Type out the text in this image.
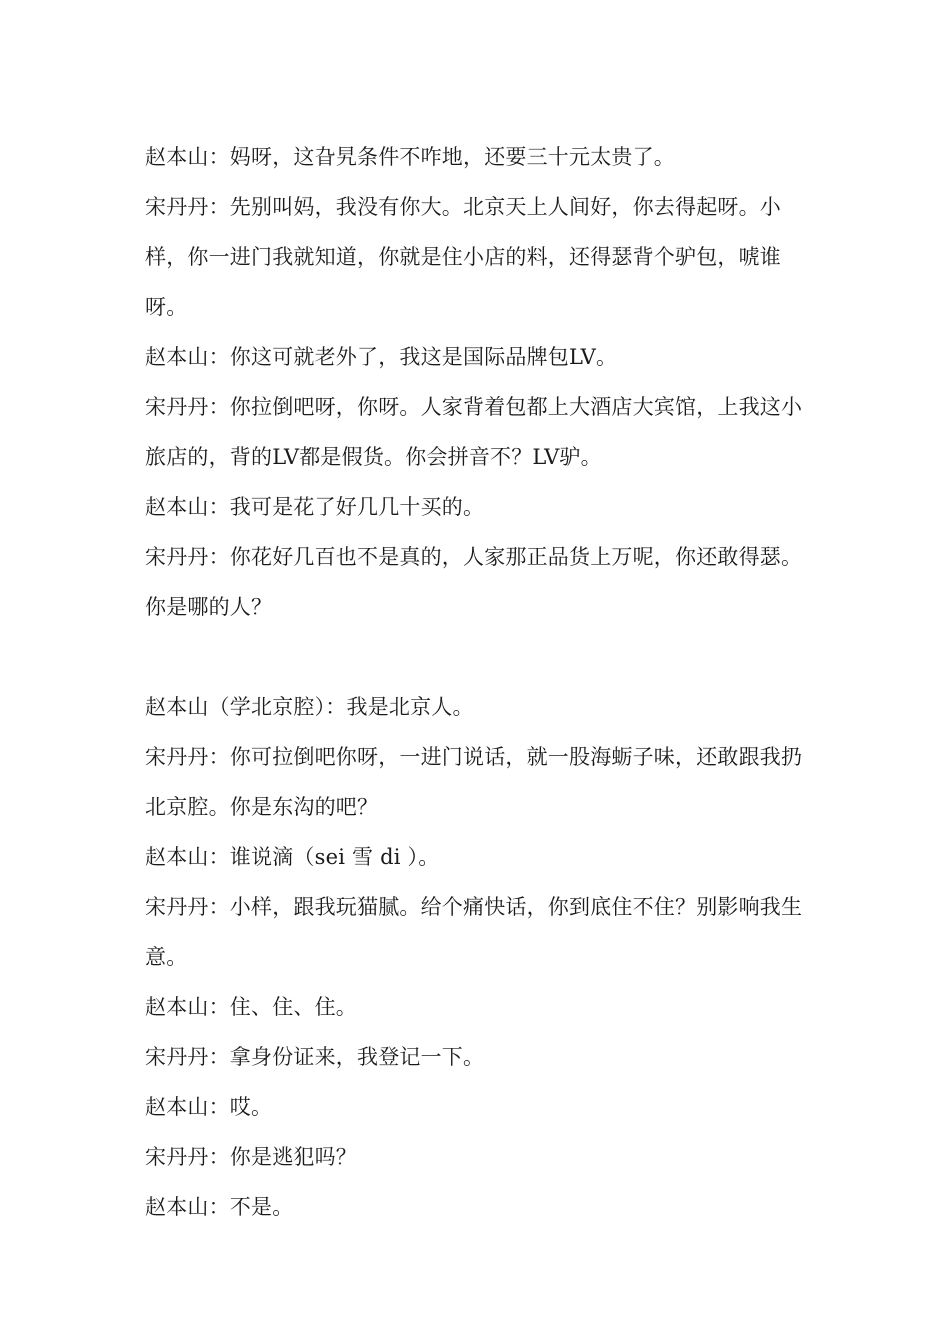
赵本山：妈呀，这旮旯条件不咋地，还要三十元太贵了。

宋丹丹：先别叫妈，我没有你大。北京天上人间好，你去得起呀。小样，你一进门我就知道，你就是住小店的料，还得瑟背个驴包，唬谁呀。

赵本山：你这可就老外了，我这是国际品牌包LV。

宋丹丹：你拉倒吧呀，你呀。人家背着包都上大酒店大宾馆，上我这小旅店的，背的LV都是假货。你会拼音不？LV驴。

赵本山：我可是花了好几几十买的。

宋丹丹：你花好几百也不是真的，人家那正品货上万呢，你还敢得瑟。你是哪的人？

赵本山（学北京腔）：我是北京人。

宋丹丹：你可拉倒吧你呀，一进门说话，就一股海蛎子味，还敢跟我扔北京腔。你是东沟的吧？

赵本山：谁说滴（sei 雪 di ）。

宋丹丹：小样，跟我玩猫腻。给个痛快话，你到底住不住？别影响我生意。

赵本山：住、住、住。

宋丹丹：拿身份证来，我登记一下。

赵本山：哎。

宋丹丹：你是逃犯吗？

赵本山：不是。
